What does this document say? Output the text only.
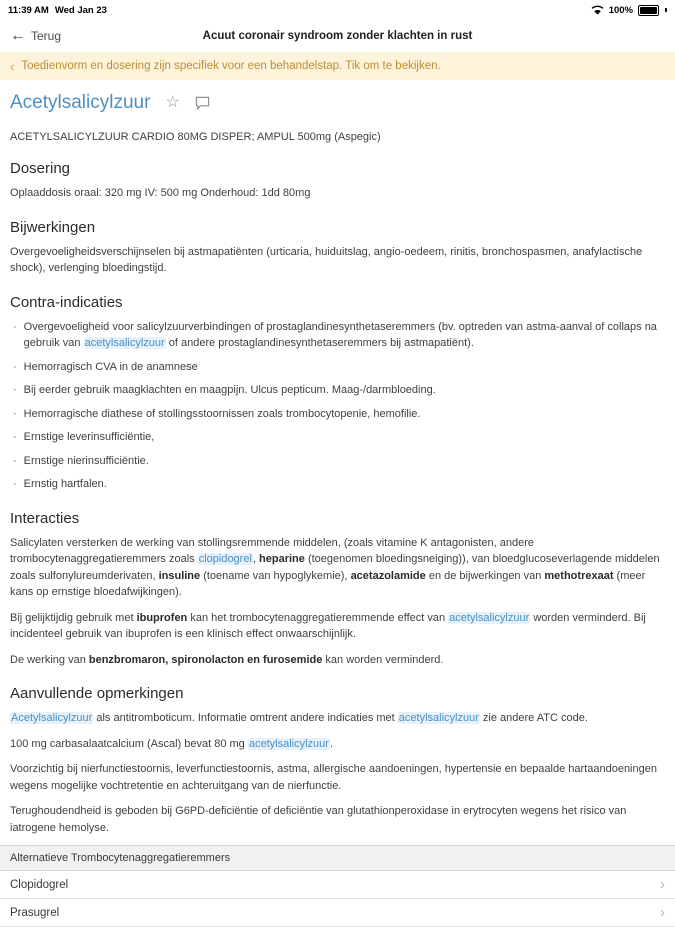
11:39 AM Wed Jan 23	100%
← Terug	Acuut coronair syndroom zonder klachten in rust
‹ Toedienvorm en dosering zijn specifiek voor een behandelstap. Tik om te bekijken.
Acetylsalicylzuur ☆
ACETYLSALICYLZUUR CARDIO 80MG DISPER; AMPUL 500mg (Aspegic)
Dosering

Oplaaddosis oraal: 320 mg IV: 500 mg Onderhoud: 1dd 80mg

Bijwerkingen

Overgevoeligheidsverschijnselen bij astmapatiënten (urticaria, huiduitslag, angio-oedeem, rinitis, bronchospasmen, anafylactische shock), verlenging bloedingstijd.

Contra-indicaties
· Overgevoeligheid voor salicylzuurverbindingen of prostaglandinesynthetaseremmers (bv. optreden van astma-aanval of collaps na gebruik van acetylsalicylzuur of andere prostaglandinesynthetaseremmers bij astmapatiënt).
· Hemorragisch CVA in de anamnese
· Bij eerder gebruik maagklachten en maagpijn. Ulcus pepticum. Maag-/darmbloeding.
· Hemorragische diathese of stollingsstoornissen zoals trombocytopenie, hemofilie.
· Ernstige leverinsufficiëntie,
· Ernstige nierinsufficiëntie.
· Ernstig hartfalen.
Interacties

Salicylaten versterken de werking van stollingsremmende middelen, (zoals vitamine K antagonisten, andere trombocytenaggregatieremmers zoals clopidogrel, heparine (toegenomen bloedingsneiging)), van bloedglucoseverlagende middelen zoals sulfonylureumderivaten, insuline (toename van hypoglykemie), acetazolamide en de bijwerkingen van methotrexaat (meer kans op ernstige bloedafwijkingen).

Bij gelijktijdig gebruik met ibuprofen kan het trombocytenaggregatieremmende effect van acetylsalicylzuur worden verminderd. Bij incidenteel gebruik van ibuprofen is een klinisch effect onwaarschijnlijk.

De werking van benzbromaron, spironolacton en furosemide kan worden verminderd.

Aanvullende opmerkingen

Acetylsalicylzuur als antitromboticum. Informatie omtrent andere indicaties met acetylsalicylzuur zie andere ATC code.

100 mg carbasalaatcalcium (Ascal) bevat 80 mg acetylsalicylzuur.

Voorzichtig bij nierfunctiestoornis, leverfunctiestoornis, astma, allergische aandoeningen, hypertensie en bepaalde hartaandoeningen wegens mogelijke vochtretentie en achteruitgang van de nierfunctie.

Terughoudendheid is geboden bij G6PD-deficiëntie of deficiëntie van glutathionperoxidase in erytrocyten wegens het risico van iatrogene hemolyse.

Alternatieve Trombocytenaggregatieremmers
Clopidogrel	›
Prasugrel	›
